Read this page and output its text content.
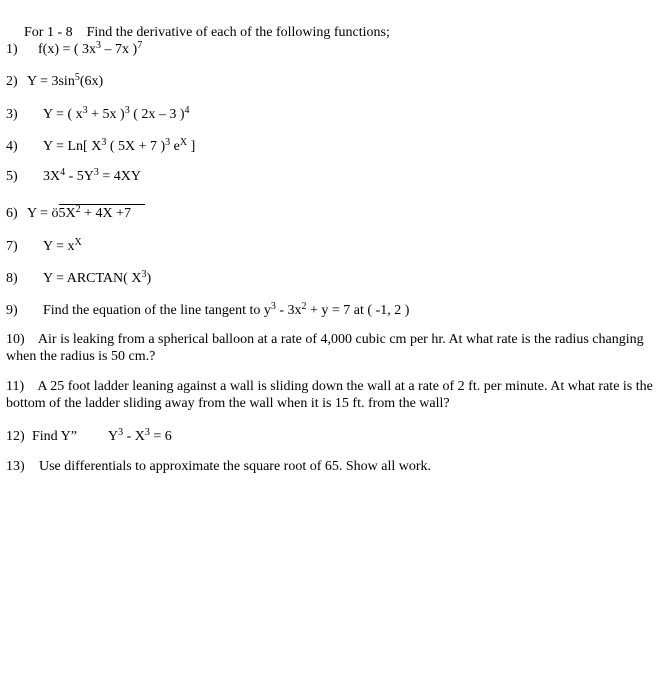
For 1 - 8 Find the derivative of each of the following functions;
1) f(x) = ( $3x^3 - 7x$ )$^7$
2) $Y = 3\sin^5(6x)$
3) Y = ( $x^3 + 5x$ )$^3$ ( 2x – 3 )$^4$
4) Y = Ln[ $X^3$ ( 5X + 7 )$^3$ $e^X$ ]
5) $3X^4 - 5Y^3 = 4XY$
6) $Y = ö5X^2 + 4X +7$
7) $Y = x^X$
8) Y = ARCTAN( $X^3$)
9) Find the equation of the line tangent to $y^3 - 3x^2 + y = 7$ at ( -1, 2 )
10) Air is leaking from a spherical balloon at a rate of 4,000 cubic cm per hr. At what rate is the radius changing when the radius is 50 cm.?
11) A 25 foot ladder leaning against a wall is sliding down the wall at a rate of 2 ft. per minute. At what rate is the bottom of the ladder sliding away from the wall when it is 15 ft. from the wall?
12) Find Y” $Y^3 - X^3 = 6$
13) Use differentials to approximate the square root of 65. Show all work.
